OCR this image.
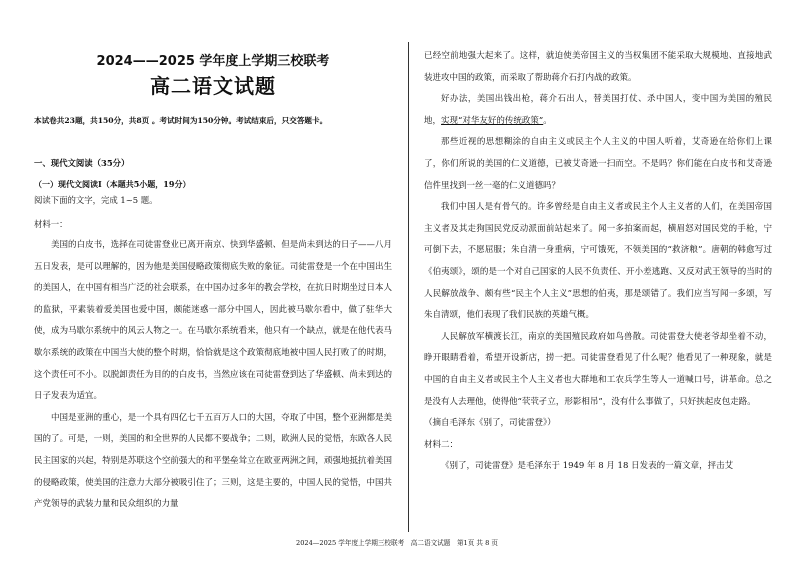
2024——2025 学年度上学期三校联考
高二语文试题
本试卷共23题，共150分，共8页 。考试时间为150分钟。考试结束后，只交答题卡。
一、现代文阅读（35分）
（一）现代文阅读Ⅰ（本题共5小题，19分）
阅读下面的文字，完成 1~5 题。
材料一：

美国的白皮书，选择在司徒雷登业已离开南京、快到华盛顿、但是尚未到达的日子——八月五日发表，是可以理解的，因为他是美国侵略政策彻底失败的象征。司徒雷登是一个在中国出生的美国人，在中国有相当广泛的社会联系，在中国办过多年的教会学校，在抗日时期坐过日本人的监狱，平素装着爱美国也爱中国，颇能迷惑一部分中国人，因此被马歇尔看中，做了驻华大使，成为马歇尔系统中的风云人物之一。在马歇尔系统看来，他只有一个缺点，就是在他代表马歇尔系统的政策在中国当大使的整个时期，恰恰就是这个政策彻底地被中国人民打败了的时期，这个责任可不小。以脱卸责任为目的的白皮书，当然应该在司徒雷登到达了华盛顿、尚未到达的日子发表为适宜。

中国是亚洲的重心，是一个具有四亿七千五百万人口的大国，夺取了中国，整个亚洲都是美国的了。可是，一则，美国的和全世界的人民都不要战争；二则，欧洲人民的觉悟，东欧各人民民主国家的兴起，特别是苏联这个空前强大的和平堡垒耸立在欧亚两洲之间，顽强地抵抗着美国的侵略政策，使美国的注意力大部分被吸引住了；三则，这是主要的，中国人民的觉悟，中国共产党领导的武装力量和民众组织的力量

已经空前地强大起来了。这样，就迫使美帝国主义的当权集团不能采取大规模地、直接地武装进攻中国的政策，而采取了帮助蒋介石打内战的政策。

好办法，美国出钱出枪，蒋介石出人，替美国打仗、杀中国人，变中国为美国的殖民地，实现“对华友好的传统政策”。

那些近视的思想糊涂的自由主义或民主个人主义的中国人听着，艾奇逊在给你们上课了，你们所说的美国的仁义道德，已被艾奇逊一扫而空。不是吗？你们能在白皮书和艾奇逊信件里找到一丝一毫的仁义道德吗？

我们中国人是有骨气的。许多曾经是自由主义者或民主个人主义者的人们，在美国帝国主义者及其走狗国民党反动派面前站起来了。闻一多拍案而起，横眉怒对国民党的手枪，宁可倒下去，不愿屈服；朱自清一身重病，宁可饿死，不领美国的“救济粮”。唐朝的韩愈写过《伯夷颂》，颂的是一个对自己国家的人民不负责任、开小差逃跑、又反对武王领导的当时的人民解放战争、颇有些“民主个人主义”思想的伯夷，那是颂错了。我们应当写闻一多颂，写朱自清颂，他们表现了我们民族的英雄气概。

人民解放军横渡长江，南京的美国殖民政府如鸟兽散。司徒雷登大使老爷却坐着不动，睁开眼睛看着，希望开设新店，捞一把。司徒雷登看见了什么呢？他看见了一种现象，就是中国的自由主义者或民主个人主义者也大群地和工农兵学生等人一道喊口号，讲革命。总之是没有人去理他，使得他“茕茕孑立，形影相吊”，没有什么事做了，只好挟起皮包走路。

（摘自毛泽东《别了，司徒雷登》）

材料二：

《别了，司徒雷登》是毛泽东于 1949 年 8 月 18 日发表的一篇文章，抨击艾

2024—2025 学年度上学期三校联考　高二语文试题　第1页 共 8 页
